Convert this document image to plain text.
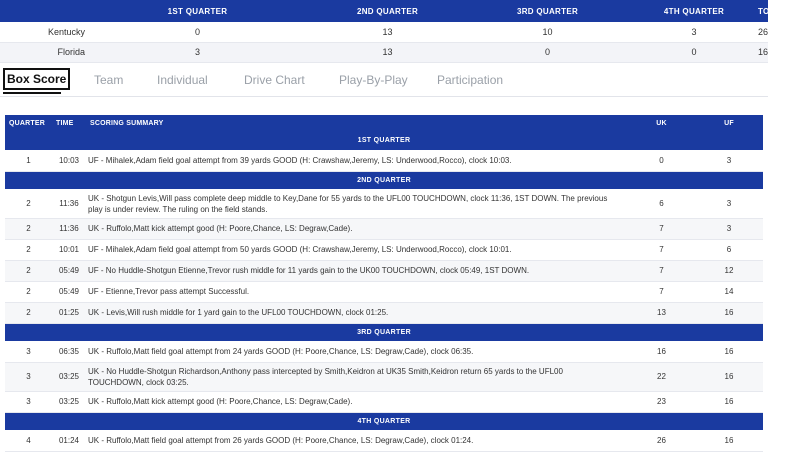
	1ST QUARTER	2ND QUARTER	3RD QUARTER	4TH QUARTER	TOTAL
Kentucky	0	13	10	3	26
Florida	3	13	0	0	16
Box Score	Team	Individual	Drive Chart	Play-By-Play Participation
QUARTER	TIME	SCORING SUMMARY	UK	UF
1ST QUARTER				
1	10:03	UF - Mihalek,Adam field goal attempt from 39 yards GOOD (H: Crawshaw,Jeremy, LS: Underwood,Rocco), clock 10:03.	0	3
2ND QUARTER				
2	11:36	UK - Shotgun Levis,Will pass complete deep middle to Key,Dane for 55 yards to the UFL00 TOUCHDOWN, clock 11:36, 1ST DOWN. The previous play is under review. The ruling on the field stands.	6	3
2	11:36	UK - Ruffolo,Matt kick attempt good (H: Poore,Chance, LS: Degraw,Cade).	7	3
2	10:01	UF - Mihalek,Adam field goal attempt from 50 yards GOOD (H: Crawshaw,Jeremy, LS: Underwood,Rocco), clock 10:01.	7	6
2	05:49	UF - No Huddle-Shotgun Etienne,Trevor rush middle for 11 yards gain to the UK00 TOUCHDOWN, clock 05:49, 1ST DOWN.	7	12
2	05:49	UF - Etienne,Trevor pass attempt Successful.	7	14
2	01:25	UK - Levis,Will rush middle for 1 yard gain to the UFL00 TOUCHDOWN, clock 01:25.	13	16
3RD QUARTER				
3	06:35	UK - Ruffolo,Matt field goal attempt from 24 yards GOOD (H: Poore,Chance, LS: Degraw,Cade), clock 06:35.	16	16
3	03:25	UK - No Huddle-Shotgun Richardson,Anthony pass intercepted by Smith,Keidron at UK35 Smith,Keidron return 65 yards to the UFL00 TOUCHDOWN, clock 03:25.	22	16
3	03:25	UK - Ruffolo,Matt kick attempt good (H: Poore,Chance, LS: Degraw,Cade).	23	16
4TH QUARTER				
4	01:24	UK - Ruffolo,Matt field goal attempt from 26 yards GOOD (H: Poore,Chance, LS: Degraw,Cade), clock 01:24.	26	16
